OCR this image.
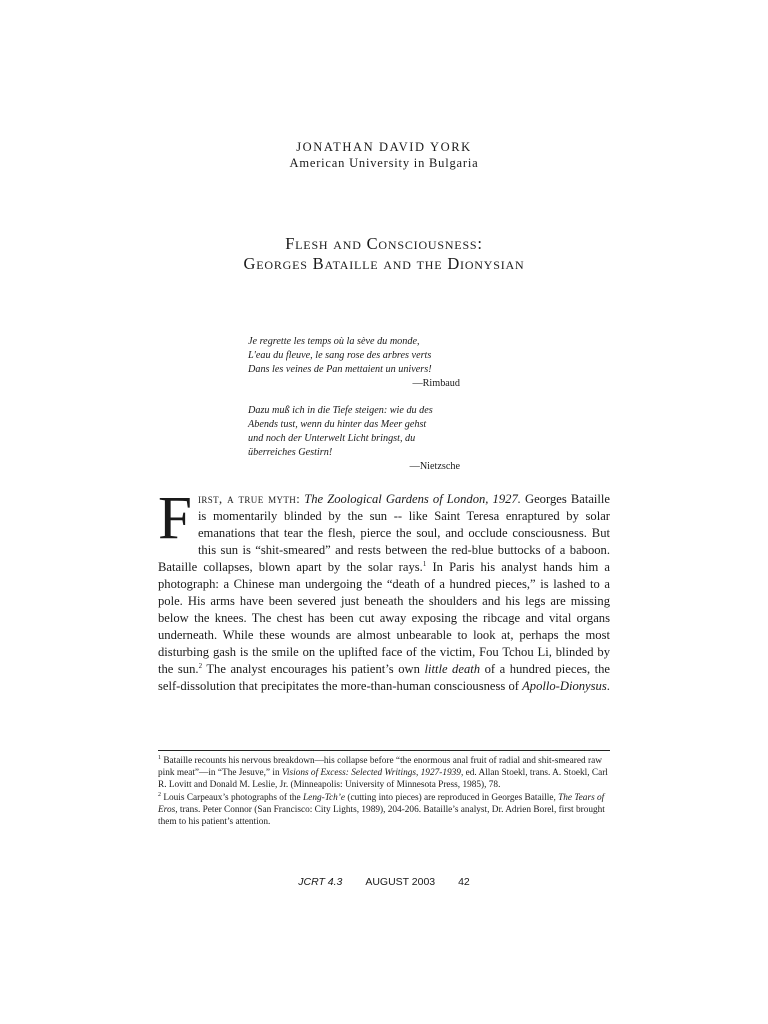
JONATHAN DAVID YORK
American University in Bulgaria
Flesh and Consciousness:
Georges Bataille and the Dionysian
Je regrette les temps où la sève du monde,
L'eau du fleuve, le sang rose des arbres verts
Dans les veines de Pan mettaient un univers!
—Rimbaud
Dazu muß ich in die Tiefe steigen: wie du des
Abends tust, wenn du hinter das Meer gehst
und noch der Unterwelt Licht bringst, du
überreiches Gestirn!
—Nietzsche
First, a true myth: The Zoological Gardens of London, 1927. Georges Bataille is momentarily blinded by the sun -- like Saint Teresa enraptured by solar emanations that tear the flesh, pierce the soul, and occlude consciousness. But this sun is “shit-smeared” and rests between the red-blue buttocks of a baboon. Bataille collapses, blown apart by the solar rays.$^1$ In Paris his analyst hands him a photograph: a Chinese man undergoing the “death of a hundred pieces,” is lashed to a pole. His arms have been severed just beneath the shoulders and his legs are missing below the knees. The chest has been cut away exposing the ribcage and vital organs underneath. While these wounds are almost unbearable to look at, perhaps the most disturbing gash is the smile on the uplifted face of the victim, Fou Tchou Li, blinded by the sun.$^2$ The analyst encourages his patient’s own little death of a hundred pieces, the self-dissolution that precipitates the more-than-human consciousness of Apollo-Dionysus.

$^1$ Bataille recounts his nervous breakdown—his collapse before “the enormous anal fruit of radial and shit-smeared raw pink meat”—in “The Jesuve,” in Visions of Excess: Selected Writings, 1927-1939, ed. Allan Stoekl, trans. A. Stoekl, Carl R. Lovitt and Donald M. Leslie, Jr. (Minneapolis: University of Minnesota Press, 1985), 78.

$^2$ Louis Carpeaux’s photographs of the Leng-Tch’e (cutting into pieces) are reproduced in Georges Bataille, The Tears of Eros, trans. Peter Connor (San Francisco: City Lights, 1989), 204-206. Bataille’s analyst, Dr. Adrien Borel, first brought them to his patient’s attention.

JCRT 4.3 AUGUST 2003 42
